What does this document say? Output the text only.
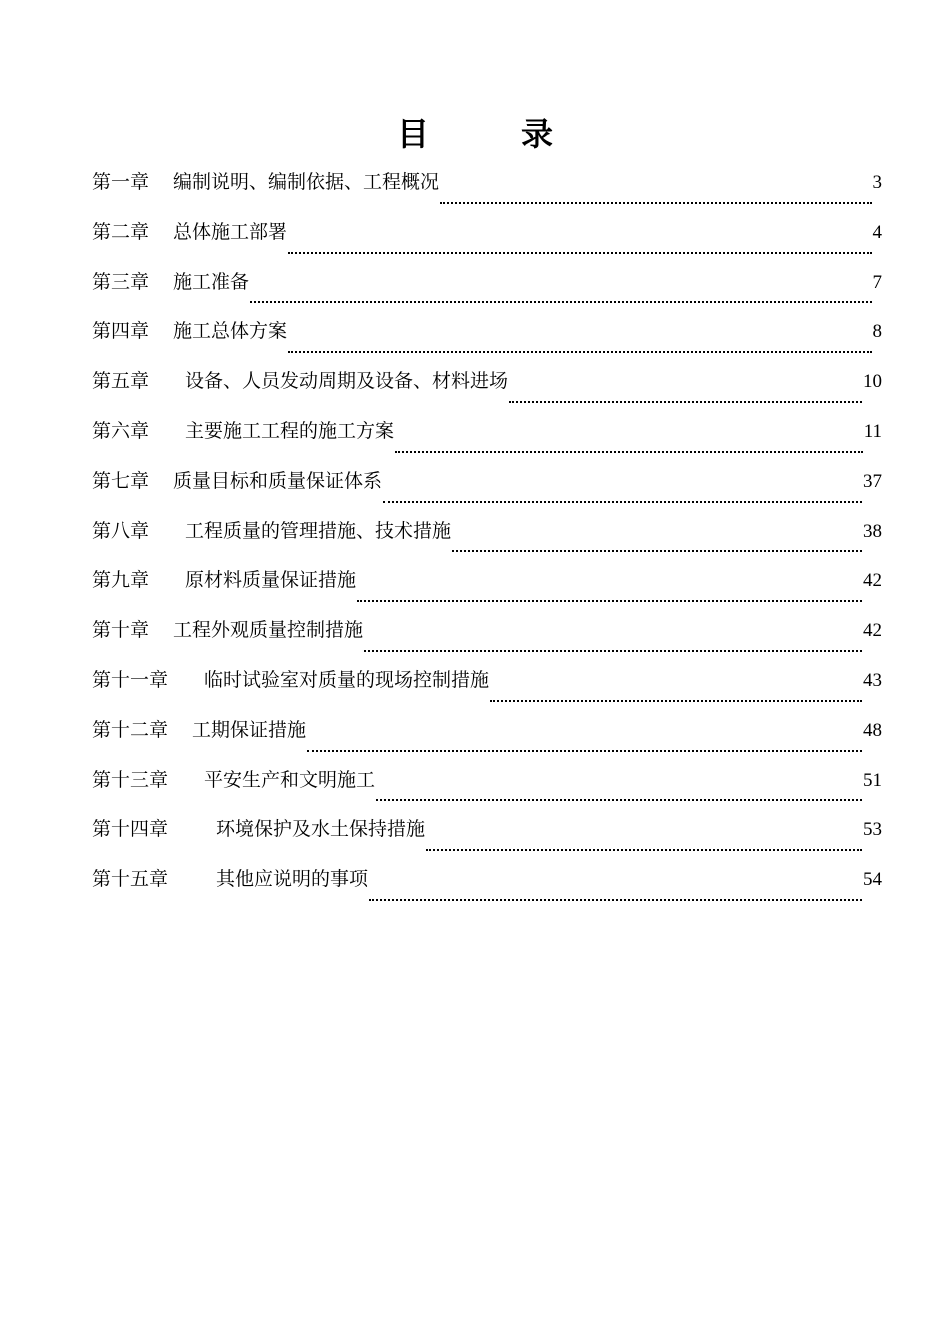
目　录
第一章 编制说明、编制依据、工程概况	3
第二章 总体施工部署	4
第三章 施工准备	7
第四章 施工总体方案	8
第五章 设备、人员发动周期及设备、材料进场	10
第六章 主要施工工程的施工方案	11
第七章 质量目标和质量保证体系	37
第八章 工程质量的管理措施、技术措施	38
第九章 原材料质量保证措施	42
第十章 工程外观质量控制措施	42
第十一章 临时试验室对质量的现场控制措施	43
第十二章 工期保证措施	48
第十三章 平安生产和文明施工	51
第十四章	环境保护及水土保持措施	53
第十五章	其他应说明的事项	54
